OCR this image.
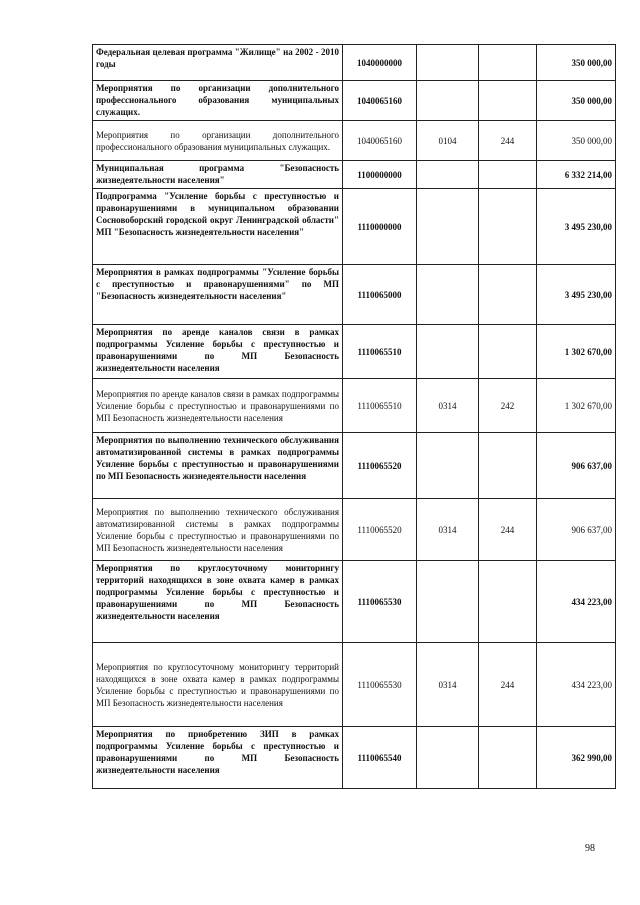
Федеральная целевая программа "Жилище" на 2002 - 2010 годы	1040000000			350 000,00
Мероприятия по организации дополнительного профессионального образования муниципальных служащих.	1040065160			350 000,00
Мероприятия по организации дополнительного профессионального образования муниципальных служащих.	1040065160	0104	244	350 000,00
Муниципальная программа "Безопасность жизнедеятельности населения"	1100000000			6 332 214,00
Подпрограмма "Усиление борьбы с преступностью и правонарушениями в муниципальном образовании Сосновоборский городской округ Ленинградской области" МП "Безопасность жизнедеятельности населения"	1110000000			3 495 230,00
Мероприятия в рамках подпрограммы "Усиление борьбы с преступностью и правонарушениями" по МП "Безопасность жизнедеятельности населения"	1110065000			3 495 230,00
Мероприятия по аренде каналов связи в рамках подпрограммы Усиление борьбы с преступностью и правонарушениями по МП Безопасность жизнедеятельности населения	1110065510			1 302 670,00
Мероприятия по аренде каналов связи в рамках подпрограммы Усиление борьбы с преступностью и правонарушениями по МП Безопасность жизнедеятельности населения	1110065510	0314	242	1 302 670,00
Мероприятия по выполнению технического обслуживания автоматизированной системы в рамках подпрограммы Усиление борьбы с преступностью и правонарушениями по МП Безопасность жизнедеятельности населения	1110065520			906 637,00
Мероприятия по выполнению технического обслуживания автоматизированной системы в рамках подпрограммы Усиление борьбы с преступностью и правонарушениями по МП Безопасность жизнедеятельности населения	1110065520	0314	244	906 637,00
Мероприятия по круглосуточному мониторингу территорий находящихся в зоне охвата камер в рамках подпрограммы Усиление борьбы с преступностью и правонарушениями по МП Безопасность жизнедеятельности населения	1110065530			434 223,00
Мероприятия по круглосуточному мониторингу территорий находящихся в зоне охвата камер в рамках подпрограммы Усиление борьбы с преступностью и правонарушениями по МП Безопасность жизнедеятельности населения	1110065530	0314	244	434 223,00
Мероприятия по приобретению ЗИП в рамках подпрограммы Усиление борьбы с преступностью и правонарушениями по МП Безопасность жизнедеятельности населения	1110065540			362 990,00
98
